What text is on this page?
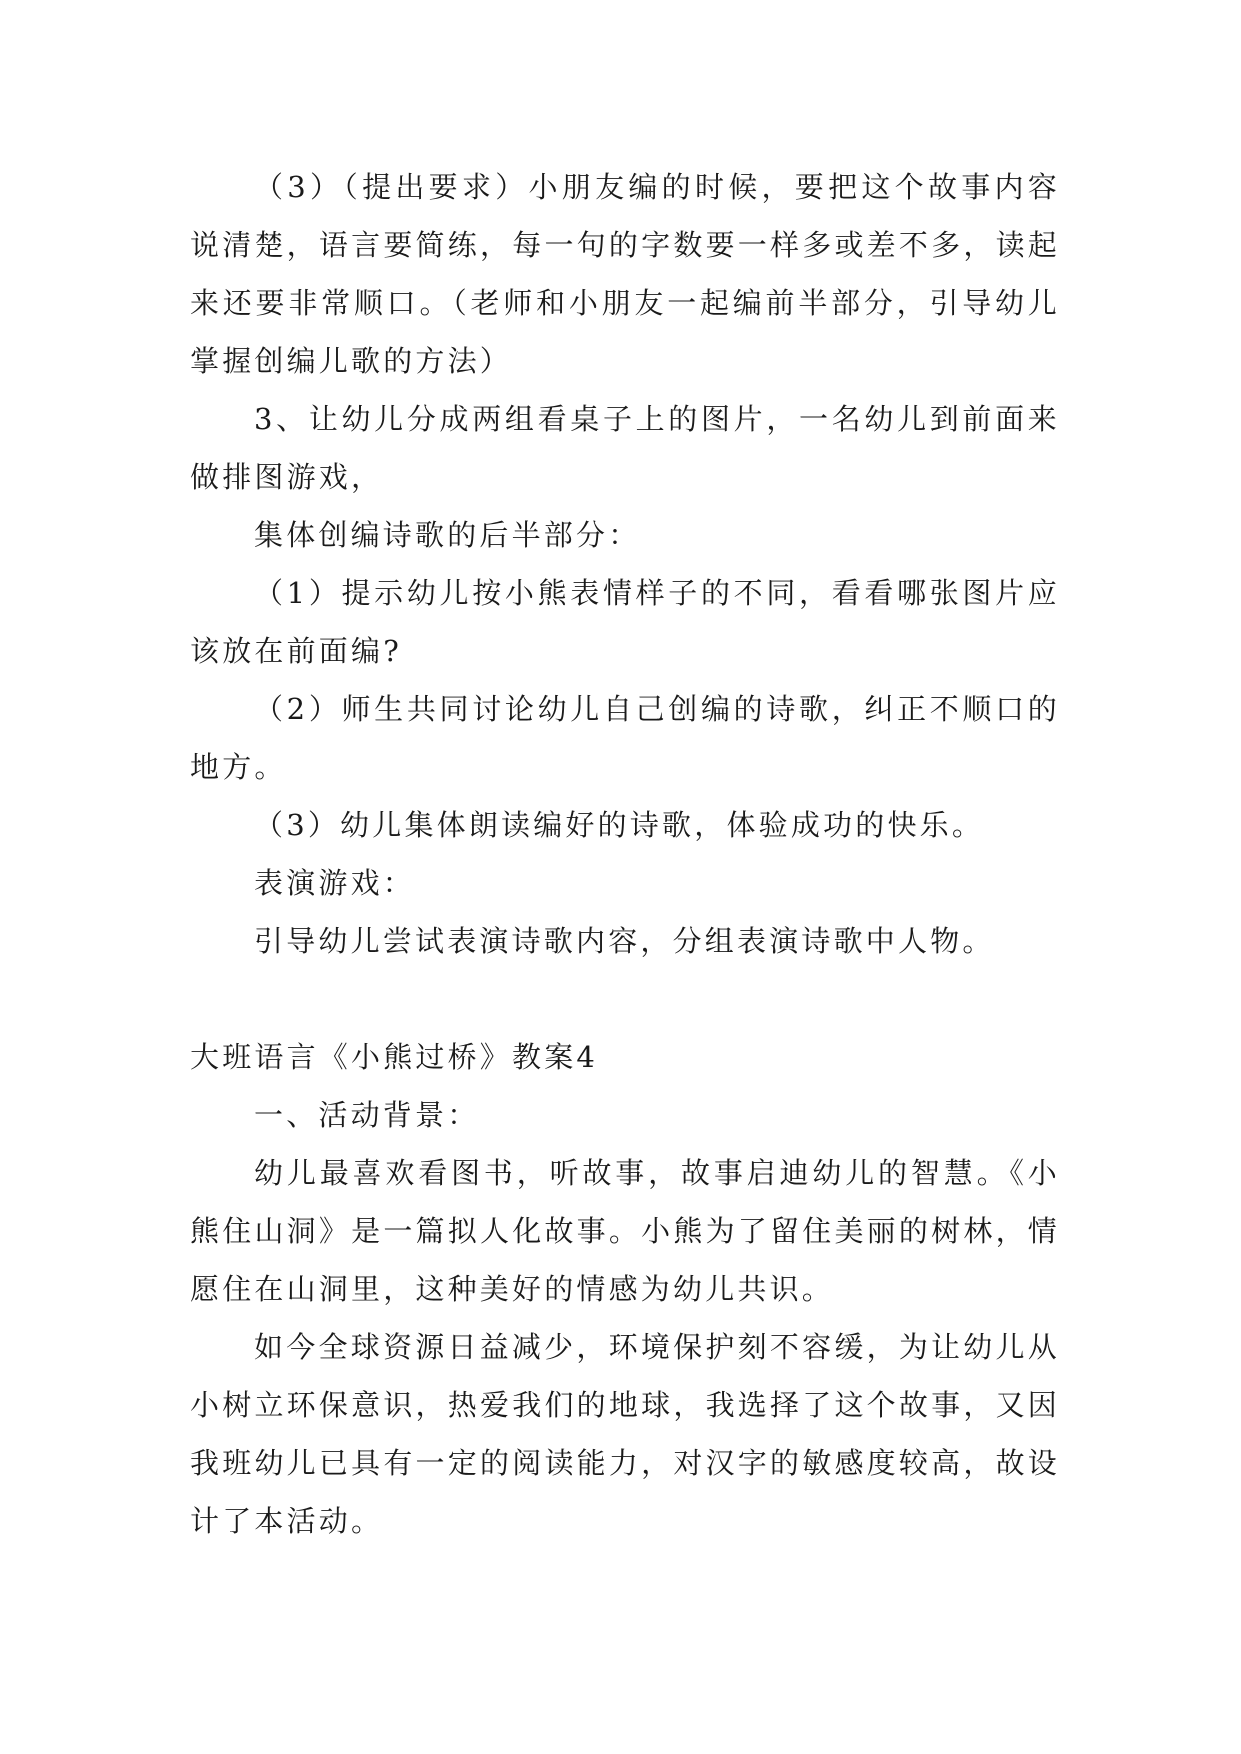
（3）（提出要求）小朋友编的时候，要把这个故事内容说清楚，语言要简练，每一句的字数要一样多或差不多，读起来还要非常顺口。（老师和小朋友一起编前半部分，引导幼儿掌握创编儿歌的方法）

3、让幼儿分成两组看桌子上的图片，一名幼儿到前面来做排图游戏，

集体创编诗歌的后半部分：

（1）提示幼儿按小熊表情样子的不同，看看哪张图片应该放在前面编?

（2）师生共同讨论幼儿自己创编的诗歌，纠正不顺口的地方。

（3）幼儿集体朗读编好的诗歌，体验成功的快乐。

表演游戏：

引导幼儿尝试表演诗歌内容，分组表演诗歌中人物。

大班语言《小熊过桥》教案4

一、活动背景：

幼儿最喜欢看图书，听故事，故事启迪幼儿的智慧。《小熊住山洞》是一篇拟人化故事。小熊为了留住美丽的树林，情愿住在山洞里，这种美好的情感为幼儿共识。

如今全球资源日益减少，环境保护刻不容缓，为让幼儿从小树立环保意识，热爱我们的地球，我选择了这个故事，又因我班幼儿已具有一定的阅读能力，对汉字的敏感度较高，故设计了本活动。
